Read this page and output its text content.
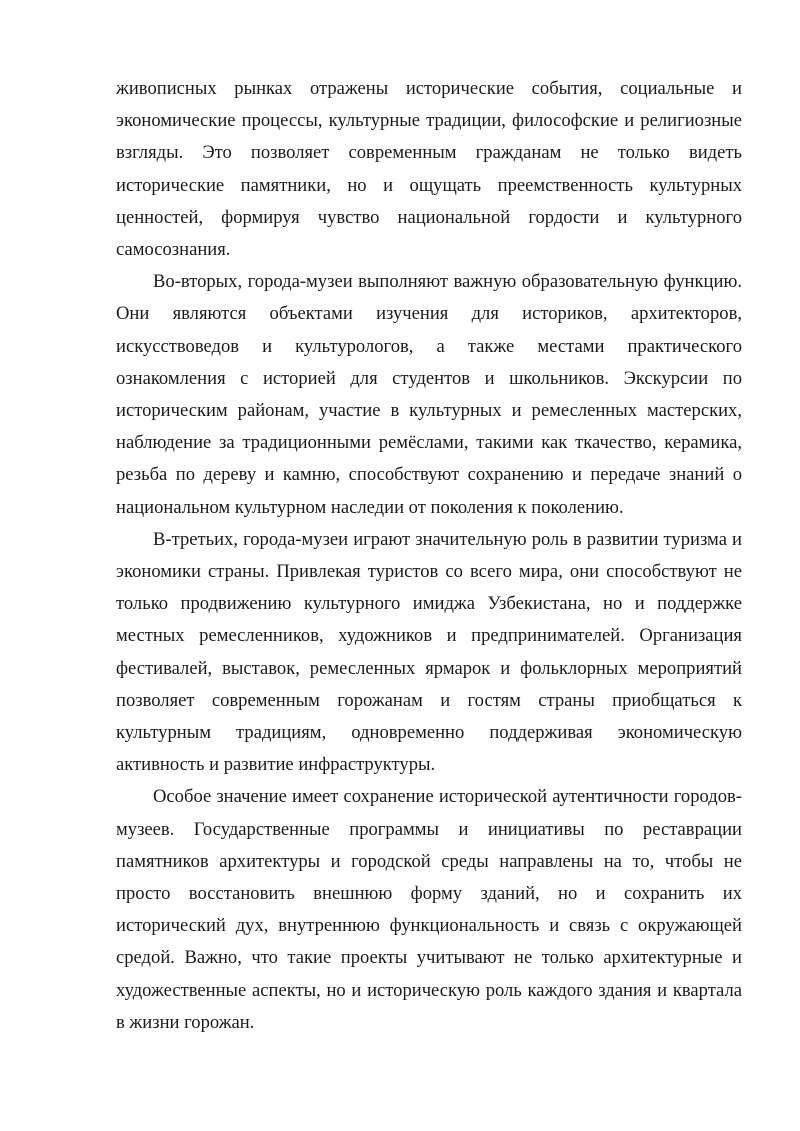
живописных рынках отражены исторические события, социальные и экономические процессы, культурные традиции, философские и религиозные взгляды. Это позволяет современным гражданам не только видеть исторические памятники, но и ощущать преемственность культурных ценностей, формируя чувство национальной гордости и культурного самосознания.

Во-вторых, города-музеи выполняют важную образовательную функцию. Они являются объектами изучения для историков, архитекторов, искусствоведов и культурологов, а также местами практического ознакомления с историей для студентов и школьников. Экскурсии по историческим районам, участие в культурных и ремесленных мастерских, наблюдение за традиционными ремёслами, такими как ткачество, керамика, резьба по дереву и камню, способствуют сохранению и передаче знаний о национальном культурном наследии от поколения к поколению.

В-третьих, города-музеи играют значительную роль в развитии туризма и экономики страны. Привлекая туристов со всего мира, они способствуют не только продвижению культурного имиджа Узбекистана, но и поддержке местных ремесленников, художников и предпринимателей. Организация фестивалей, выставок, ремесленных ярмарок и фольклорных мероприятий позволяет современным горожанам и гостям страны приобщаться к культурным традициям, одновременно поддерживая экономическую активность и развитие инфраструктуры.

Особое значение имеет сохранение исторической аутентичности городов-музеев. Государственные программы и инициативы по реставрации памятников архитектуры и городской среды направлены на то, чтобы не просто восстановить внешнюю форму зданий, но и сохранить их исторический дух, внутреннюю функциональность и связь с окружающей средой. Важно, что такие проекты учитывают не только архитектурные и художественные аспекты, но и историческую роль каждого здания и квартала в жизни горожан.
